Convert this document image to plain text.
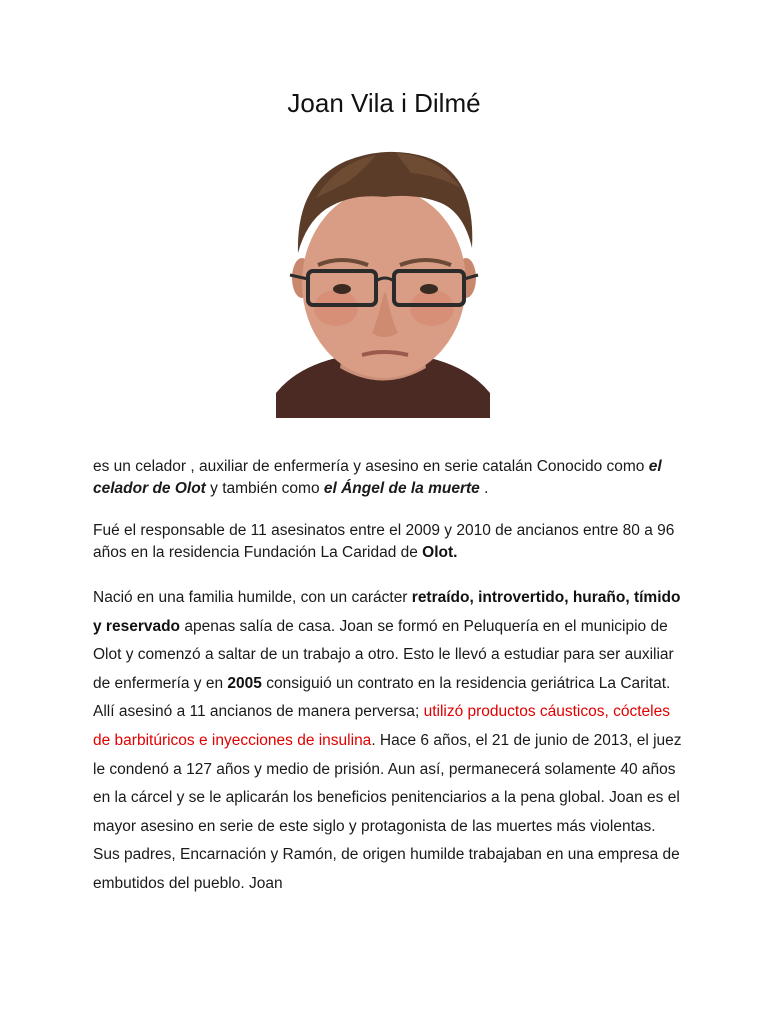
Joan Vila i Dilmé

es un celador , auxiliar de enfermería y asesino en serie catalán Conocido como el celador de Olot y también como el Ángel de la muerte .

Fué el responsable de 11 asesinatos entre el 2009 y 2010 de ancianos entre 80 a 96 años en la residencia Fundación La Caridad de Olot.

Nació en una familia humilde, con un carácter retraído, introvertido, huraño, tímido y reservado apenas salía de casa. Joan se formó en Peluquería en el municipio de Olot y comenzó a saltar de un trabajo a otro. Esto le llevó a estudiar para ser auxiliar de enfermería y en 2005 consiguió un contrato en la residencia geriátrica La Caritat. Allí asesinó a 11 ancianos de manera perversa; utilizó productos cáusticos, cócteles de barbitúricos e inyecciones de insulina. Hace 6 años, el 21 de junio de 2013, el juez le condenó a 127 años y medio de prisión. Aun así, permanecerá solamente 40 años en la cárcel y se le aplicarán los beneficios penitenciarios a la pena global. Joan es el mayor asesino en serie de este siglo y protagonista de las muertes más violentas. Sus padres, Encarnación y Ramón, de origen humilde trabajaban en una empresa de embutidos del pueblo. Joan
